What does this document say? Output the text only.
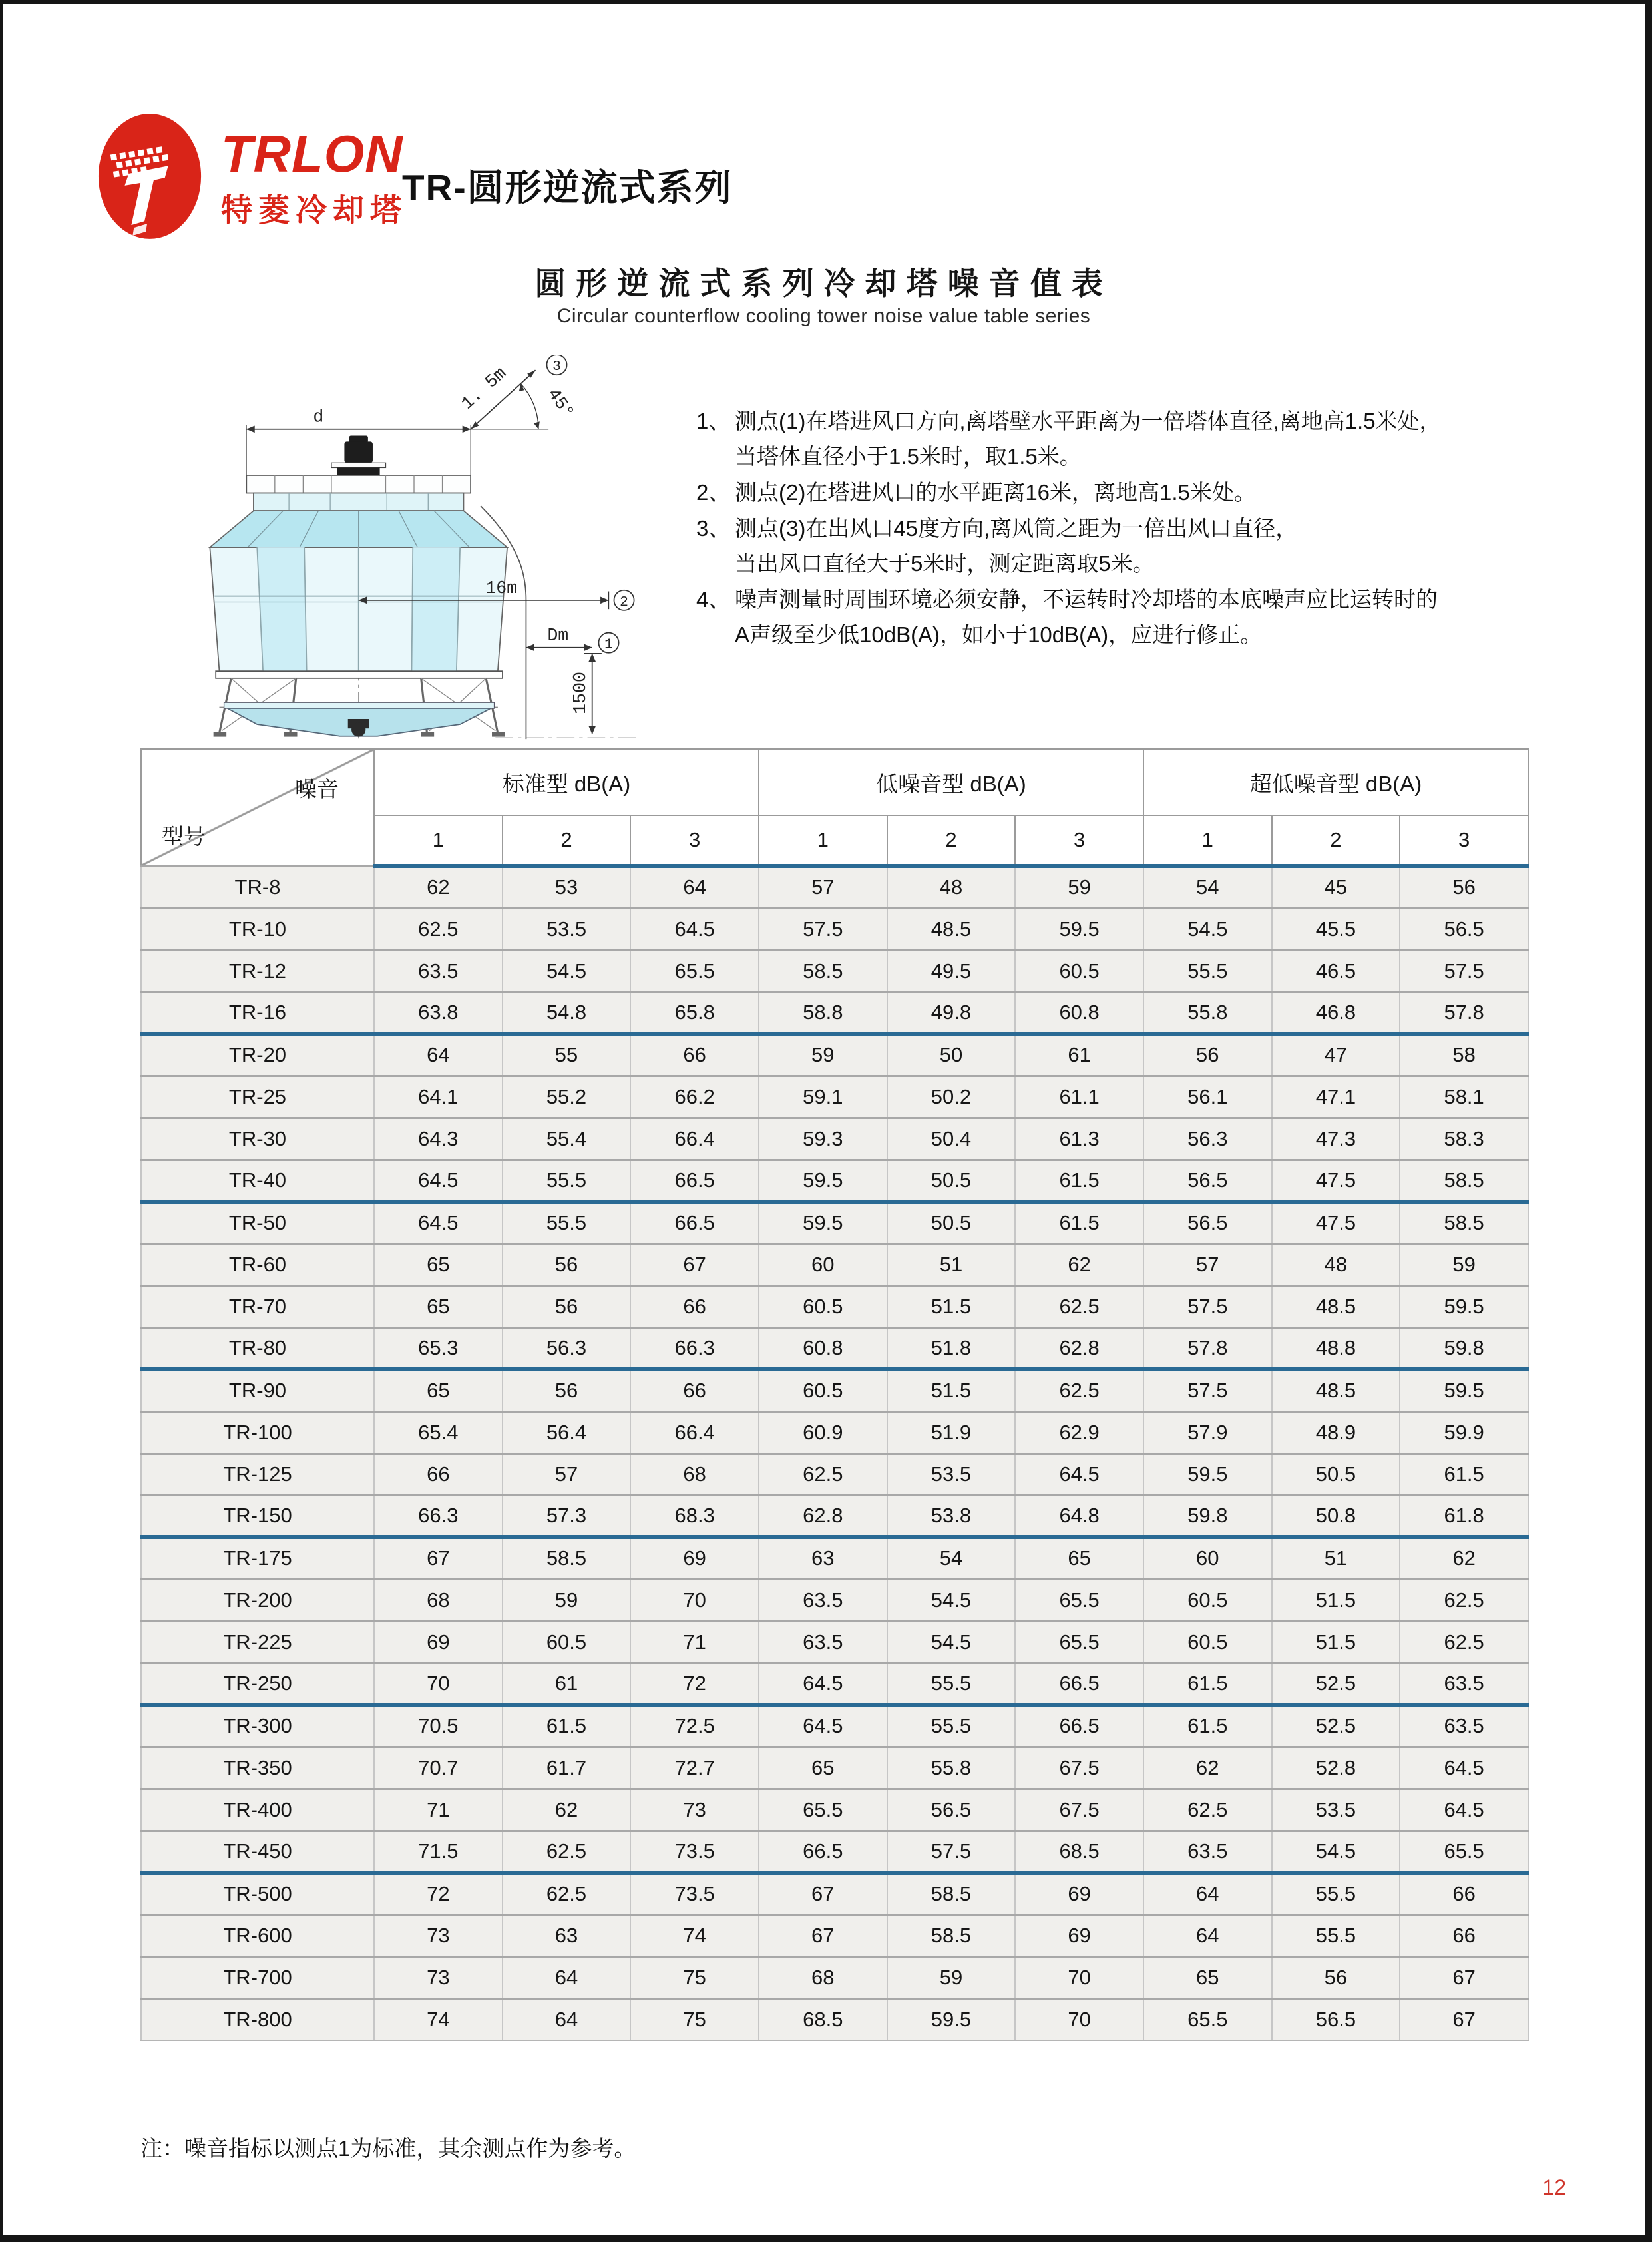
TRLON
特菱冷却塔
TR-圆形逆流式系列
圆形逆流式系列冷却塔噪音值表
Circular counterflow cooling tower noise value table series
d
1. 5m 45°
3
16m
2
Dm 1
1500
1、 测点(1)在塔进风口方向,离塔壁水平距离为一倍塔体直径,离地高1.5米处，
当塔体直径小于1.5米时，取1.5米。
2、 测点(2)在塔进风口的水平距离16米，离地高1.5米处。
3、 测点(3)在出风口45度方向,离风筒之距为一倍出风口直径，
当出风口直径大于5米时，测定距离取5米。
4、 噪声测量时周围环境必须安静，不运转时冷却塔的本底噪声应比运转时的
A声级至少低10dB(A)，如小于10dB(A)，应进行修正。
噪音
型号	标准型 dB(A)			低噪音型 dB(A)			超低噪音型 dB(A)		
	1	2	3	1	2	3	1	2	3
TR-8	62	53	64	57	48	59	54	45	56
TR-10	62.5	53.5	64.5	57.5	48.5	59.5	54.5	45.5	56.5
TR-12	63.5	54.5	65.5	58.5	49.5	60.5	55.5	46.5	57.5
TR-16	63.8	54.8	65.8	58.8	49.8	60.8	55.8	46.8	57.8
TR-20	64	55	66	59	50	61	56	47	58
TR-25	64.1	55.2	66.2	59.1	50.2	61.1	56.1	47.1	58.1
TR-30	64.3	55.4	66.4	59.3	50.4	61.3	56.3	47.3	58.3
TR-40	64.5	55.5	66.5	59.5	50.5	61.5	56.5	47.5	58.5
TR-50	64.5	55.5	66.5	59.5	50.5	61.5	56.5	47.5	58.5
TR-60	65	56	67	60	51	62	57	48	59
TR-70	65	56	66	60.5	51.5	62.5	57.5	48.5	59.5
TR-80	65.3	56.3	66.3	60.8	51.8	62.8	57.8	48.8	59.8
TR-90	65	56	66	60.5	51.5	62.5	57.5	48.5	59.5
TR-100	65.4	56.4	66.4	60.9	51.9	62.9	57.9	48.9	59.9
TR-125	66	57	68	62.5	53.5	64.5	59.5	50.5	61.5
TR-150	66.3	57.3	68.3	62.8	53.8	64.8	59.8	50.8	61.8
TR-175	67	58.5	69	63	54	65	60	51	62
TR-200	68	59	70	63.5	54.5	65.5	60.5	51.5	62.5
TR-225	69	60.5	71	63.5	54.5	65.5	60.5	51.5	62.5
TR-250	70	61	72	64.5	55.5	66.5	61.5	52.5	63.5
TR-300	70.5	61.5	72.5	64.5	55.5	66.5	61.5	52.5	63.5
TR-350	70.7	61.7	72.7	65	55.8	67.5	62	52.8	64.5
TR-400	71	62	73	65.5	56.5	67.5	62.5	53.5	64.5
TR-450	71.5	62.5	73.5	66.5	57.5	68.5	63.5	54.5	65.5
TR-500	72	62.5	73.5	67	58.5	69	64	55.5	66
TR-600	73	63	74	67	58.5	69	64	55.5	66
TR-700	73	64	75	68	59	70	65	56	67
TR-800	74	64	75	68.5	59.5	70	65.5	56.5	67
注：噪音指标以测点1为标准，其余测点作为参考。
12
